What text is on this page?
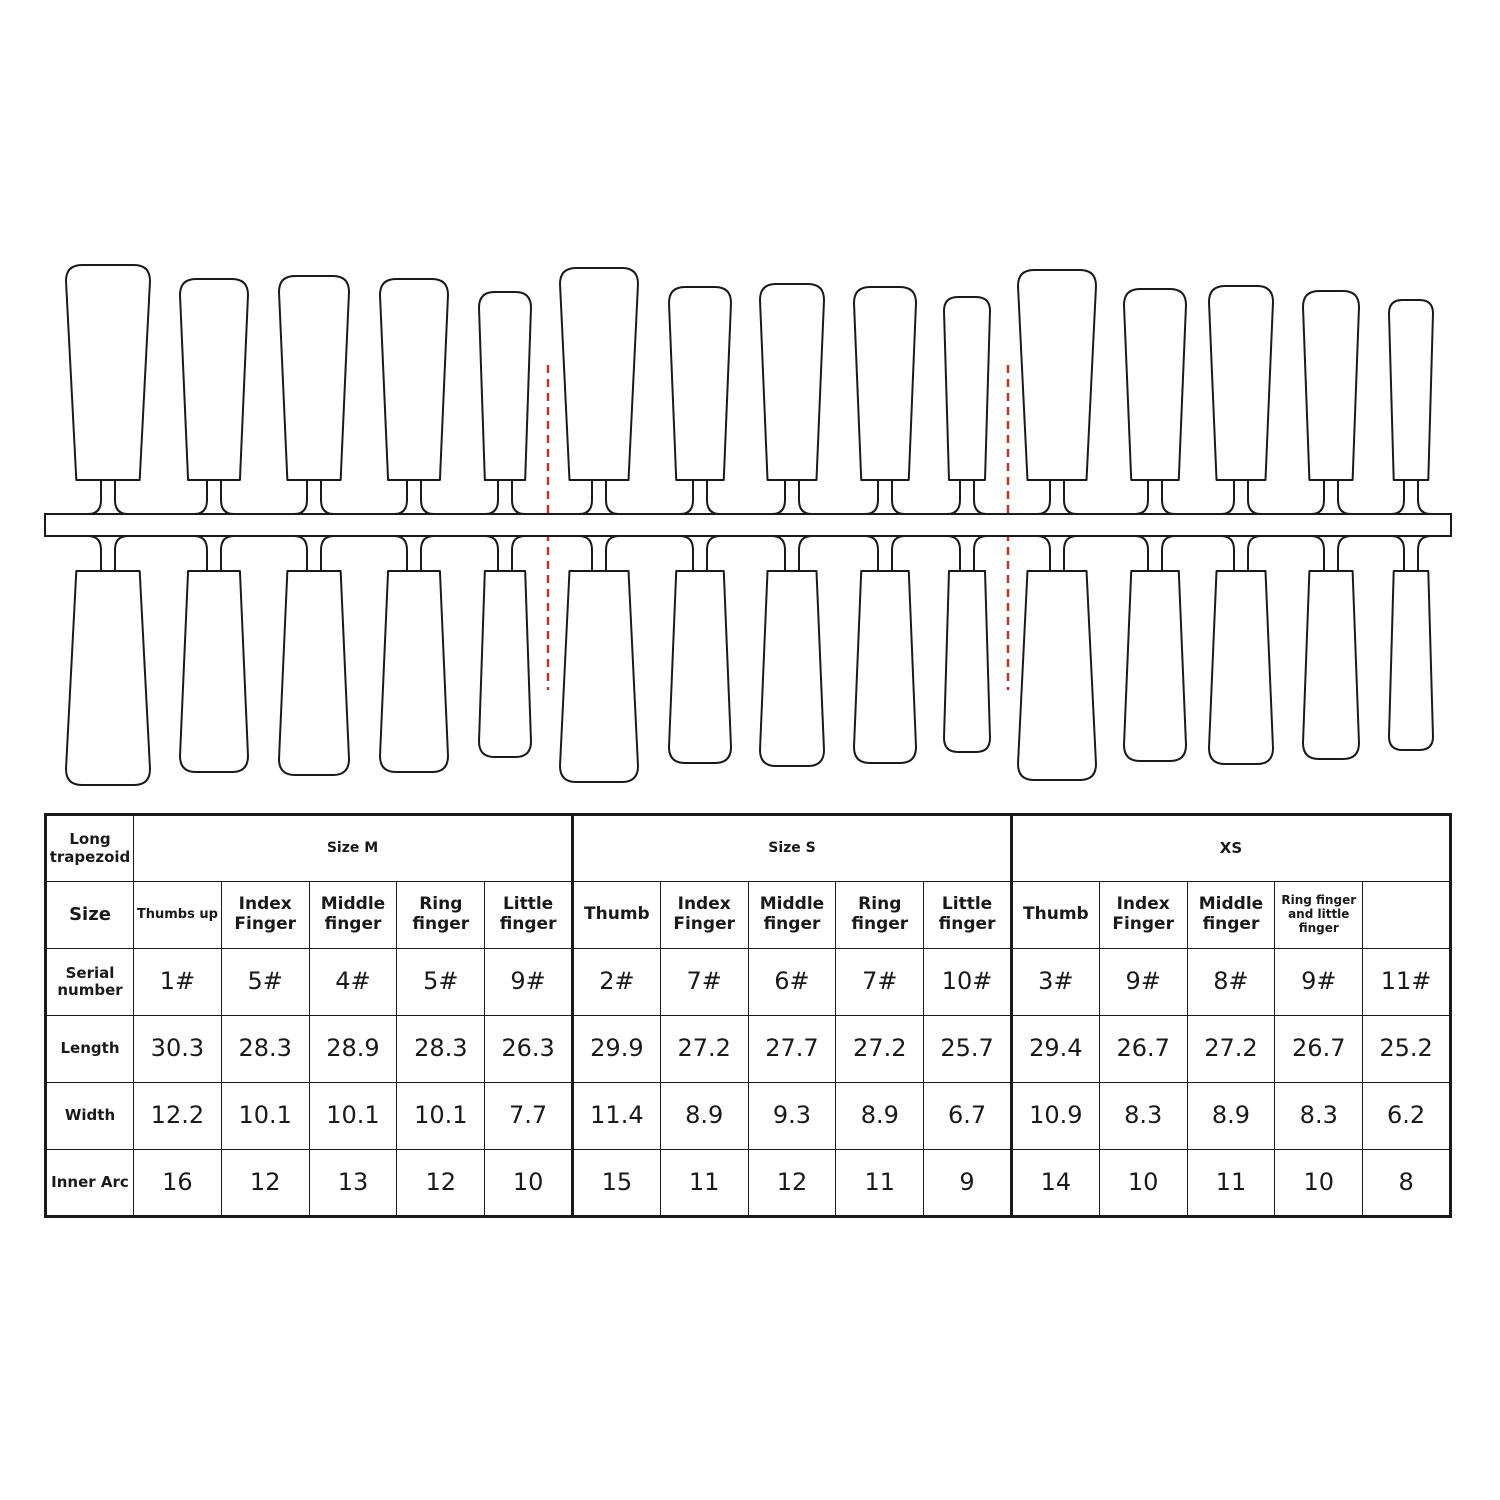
Long trapezoid	Size M					Size S					XS				
Size	Thumbs up	Index Finger	Middle finger	Ring finger	Little finger	Thumb	Index Finger	Middle finger	Ring finger	Little finger	Thumb	Index Finger	Middle finger	Ring finger and little finger	
Serial number	1#	5#	4#	5#	9#	2#	7#	6#	7#	10#	3#	9#	8#	9#	11#
Length	30.3	28.3	28.9	28.3	26.3	29.9	27.2	27.7	27.2	25.7	29.4	26.7	27.2	26.7	25.2
Width	12.2	10.1	10.1	10.1	7.7	11.4	8.9	9.3	8.9	6.7	10.9	8.3	8.9	8.3	6.2
Inner Arc	16	12	13	12	10	15	11	12	11	9	14	10	11	10	8
